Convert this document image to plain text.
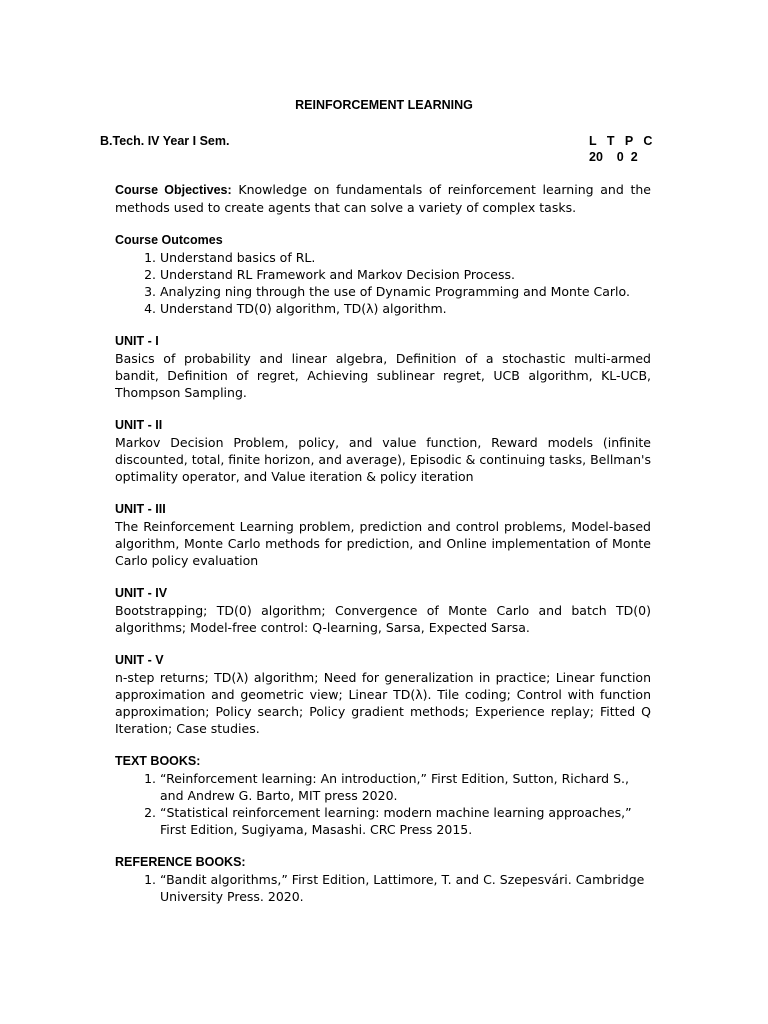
REINFORCEMENT LEARNING
B.Tech. IV Year I Sem.	L   T   P   C
20    0  2

Course Objectives: Knowledge on fundamentals of reinforcement learning and the methods used to create agents that can solve a variety of complex tasks.

Course Outcomes
1. Understand basics of RL.
2. Understand RL Framework and Markov Decision Process.
3. Analyzing ning through the use of Dynamic Programming and Monte Carlo.
4. Understand TD(0) algorithm, TD(λ) algorithm.
UNIT - I

Basics of probability and linear algebra, Definition of a stochastic multi-armed bandit, Definition of regret, Achieving sublinear regret, UCB algorithm, KL-UCB, Thompson Sampling.

UNIT - II

Markov Decision Problem, policy, and value function, Reward models (infinite discounted, total, finite horizon, and average), Episodic & continuing tasks, Bellman's optimality operator, and Value iteration & policy iteration

UNIT - III

The Reinforcement Learning problem, prediction and control problems, Model-based algorithm, Monte Carlo methods for prediction, and Online implementation of Monte Carlo policy evaluation

UNIT - IV

Bootstrapping; TD(0) algorithm; Convergence of Monte Carlo and batch TD(0) algorithms; Model-free control: Q-learning, Sarsa, Expected Sarsa.

UNIT - V

n-step returns; TD(λ) algorithm; Need for generalization in practice; Linear function approximation and geometric view; Linear TD(λ). Tile coding; Control with function approximation; Policy search; Policy gradient methods; Experience replay; Fitted Q Iteration; Case studies.

TEXT BOOKS:
1. “Reinforcement learning: An introduction,” First Edition, Sutton, Richard S., and Andrew G. Barto, MIT press 2020.
2. “Statistical reinforcement learning: modern machine learning approaches,” First Edition, Sugiyama, Masashi. CRC Press 2015.
REFERENCE BOOKS:
1. “Bandit algorithms,” First Edition, Lattimore, T. and C. Szepesvári. Cambridge University Press. 2020.
